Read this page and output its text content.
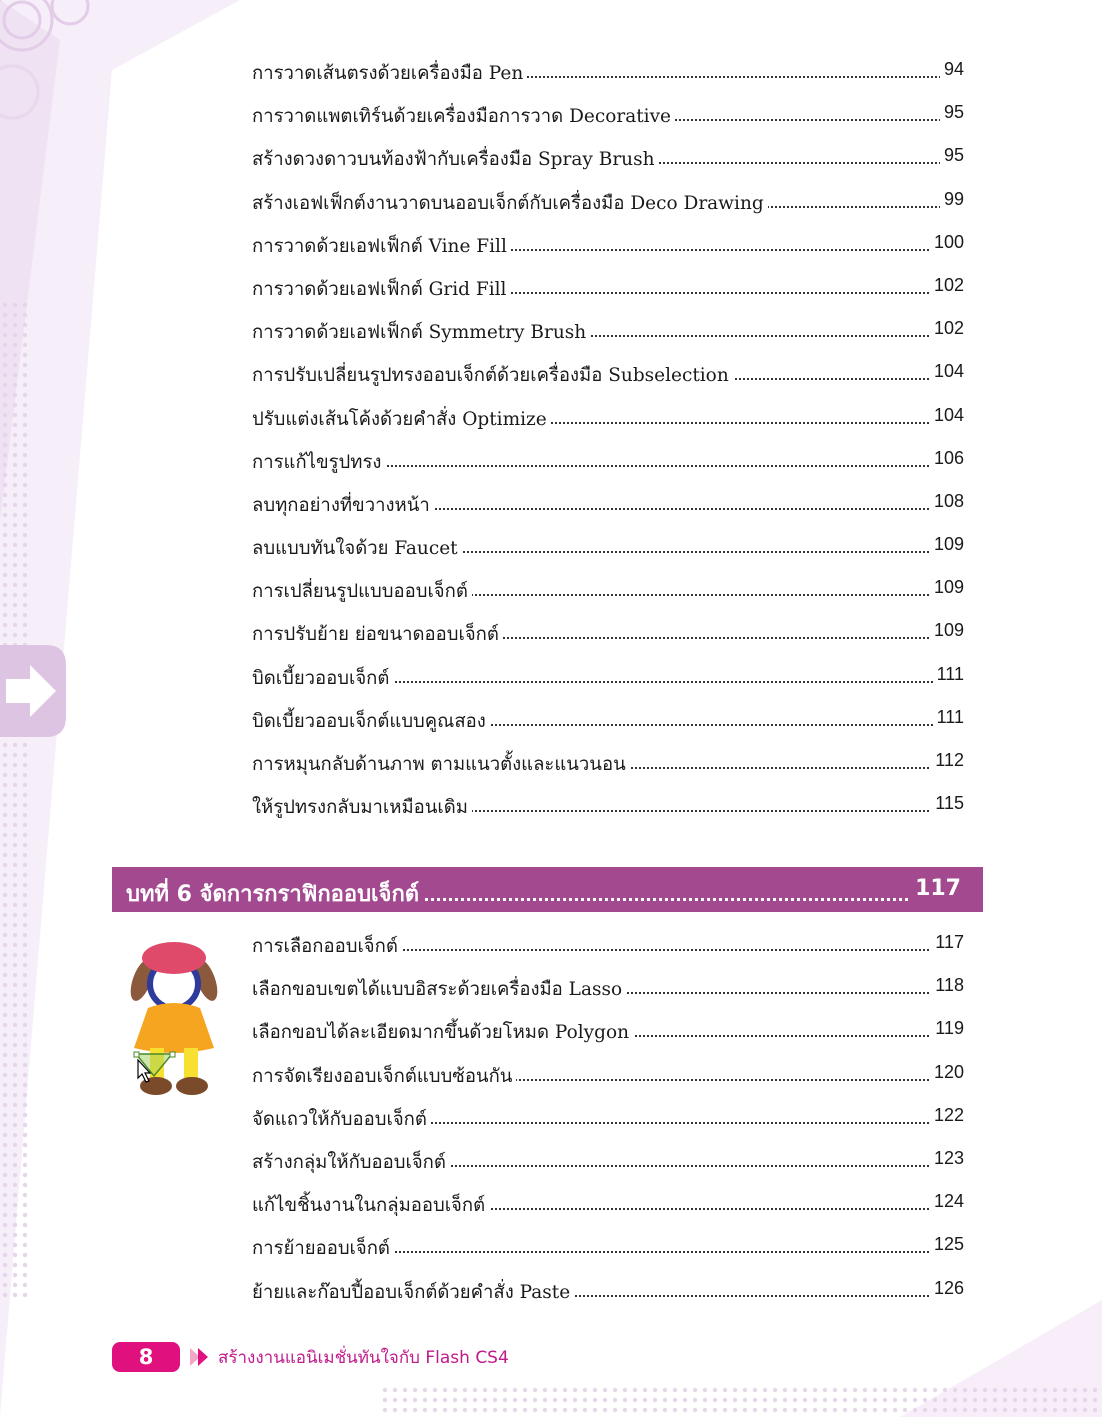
การวาดเส้นตรงด้วยเครื่องมือ Pen	94
การวาดแพตเทิร์นด้วยเครื่องมือการวาด Decorative	95
สร้างดวงดาวบนท้องฟ้ากับเครื่องมือ Spray Brush	95
สร้างเอฟเฟ็กต์งานวาดบนออบเจ็กต์กับเครื่องมือ Deco Drawing	99
การวาดด้วยเอฟเฟ็กต์ Vine Fill	100
การวาดด้วยเอฟเฟ็กต์ Grid Fill	102
การวาดด้วยเอฟเฟ็กต์ Symmetry Brush	102
การปรับเปลี่ยนรูปทรงออบเจ็กต์ด้วยเครื่องมือ Subselection	104
ปรับแต่งเส้นโค้งด้วยคำสั่ง Optimize	104
การแก้ไขรูปทรง	106
ลบทุกอย่างที่ขวางหน้า	108
ลบแบบทันใจด้วย Faucet	109
การเปลี่ยนรูปแบบออบเจ็กต์	109
การปรับย้าย ย่อขนาดออบเจ็กต์	109
บิดเบี้ยวออบเจ็กต์	111
บิดเบี้ยวออบเจ็กต์แบบคูณสอง	111
การหมุนกลับด้านภาพ ตามแนวตั้งและแนวนอน	112
ให้รูปทรงกลับมาเหมือนเดิม	115
บทที่ 6 จัดการกราฟิกออบเจ็กต์	117
การเลือกออบเจ็กต์	117
เลือกขอบเขตได้แบบอิสระด้วยเครื่องมือ Lasso	118
เลือกขอบได้ละเอียดมากขึ้นด้วยโหมด Polygon	119
การจัดเรียงออบเจ็กต์แบบซ้อนกัน	120
จัดแถวให้กับออบเจ็กต์	122
สร้างกลุ่มให้กับออบเจ็กต์	123
แก้ไขชิ้นงานในกลุ่มออบเจ็กต์	124
การย้ายออบเจ็กต์	125
ย้ายและก๊อบปี้ออบเจ็กต์ด้วยคำสั่ง Paste	126
8	สร้างงานแอนิเมชั่นทันใจกับ Flash CS4
